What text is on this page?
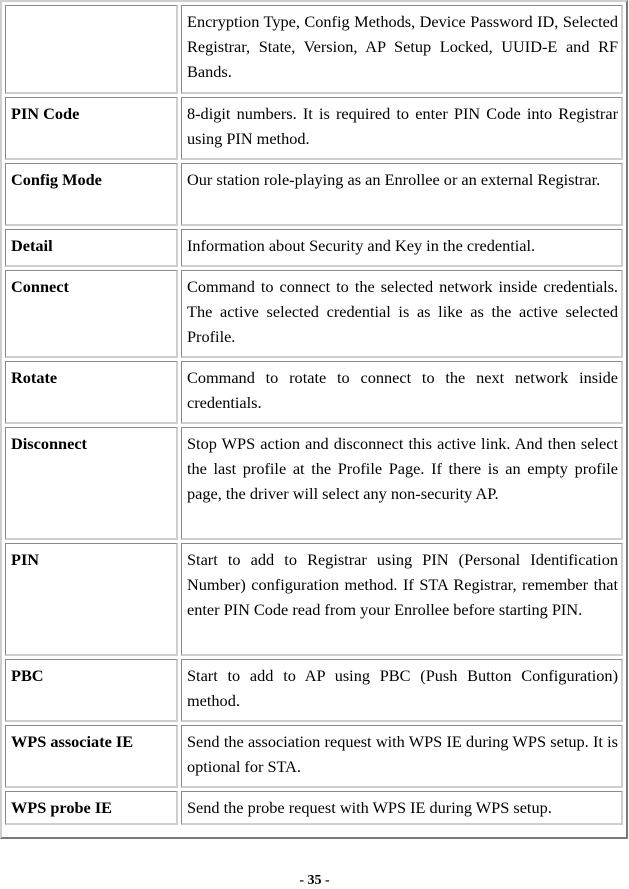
	Encryption Type, Config Methods, Device Password ID, Selected Registrar, State, Version, AP Setup Locked, UUID-E and RF Bands.
PIN Code	8-digit numbers. It is required to enter PIN Code into Registrar using PIN method.
Config Mode	Our station role-playing as an Enrollee or an external Registrar.
Detail	Information about Security and Key in the credential.
Connect	Command to connect to the selected network inside credentials. The active selected credential is as like as the active selected Profile.
Rotate	Command to rotate to connect to the next network inside credentials.
Disconnect	Stop WPS action and disconnect this active link. And then select the last profile at the Profile Page. If there is an empty profile page, the driver will select any non-security AP.
PIN	Start to add to Registrar using PIN (Personal Identification Number) configuration method. If STA Registrar, remember that enter PIN Code read from your Enrollee before starting PIN.
PBC	Start to add to AP using PBC (Push Button Configuration) method.
WPS associate IE	Send the association request with WPS IE during WPS setup. It is optional for STA.
WPS probe IE	Send the probe request with WPS IE during WPS setup.
- 35 -
